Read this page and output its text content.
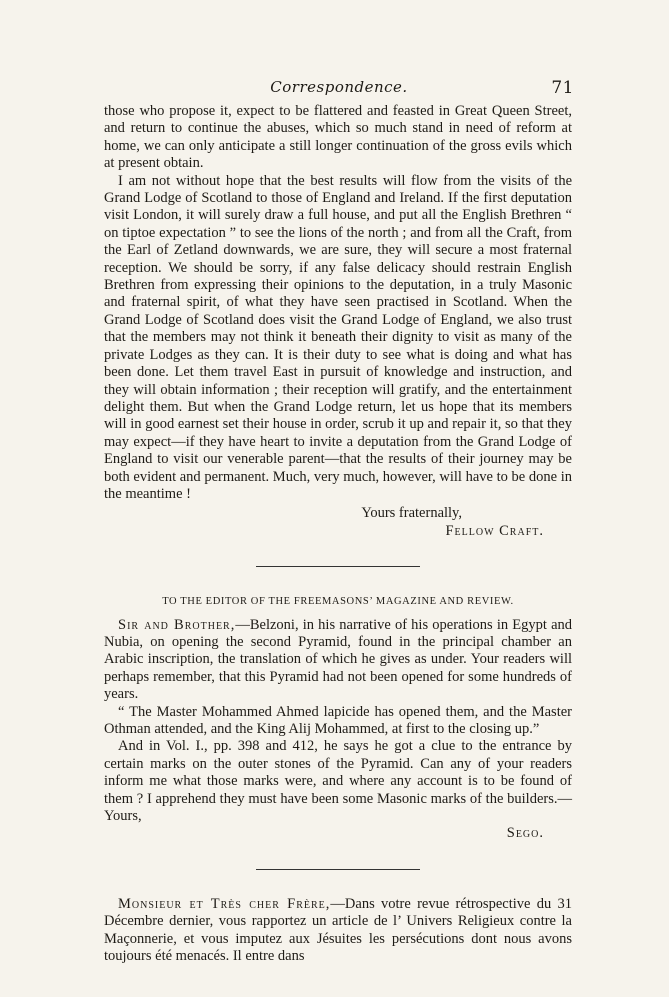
Correspondence.	71

those who propose it, expect to be flattered and feasted in Great Queen Street, and return to continue the abuses, which so much stand in need of reform at home, we can only anticipate a still longer continuation of the gross evils which at present obtain.

I am not without hope that the best results will flow from the visits of the Grand Lodge of Scotland to those of England and Ireland. If the first deputation visit London, it will surely draw a full house, and put all the English Brethren “ on tiptoe expectation ” to see the lions of the north ; and from all the Craft, from the Earl of Zetland downwards, we are sure, they will secure a most fraternal reception. We should be sorry, if any false delicacy should restrain English Brethren from expressing their opinions to the deputation, in a truly Masonic and fraternal spirit, of what they have seen practised in Scotland. When the Grand Lodge of Scotland does visit the Grand Lodge of England, we also trust that the members may not think it beneath their dignity to visit as many of the private Lodges as they can. It is their duty to see what is doing and what has been done. Let them travel East in pursuit of knowledge and instruction, and they will obtain information ; their reception will gratify, and the entertainment delight them. But when the Grand Lodge return, let us hope that its members will in good earnest set their house in order, scrub it up and repair it, so that they may expect—if they have heart to invite a deputation from the Grand Lodge of England to visit our venerable parent—that the results of their journey may be both evident and permanent. Much, very much, however, will have to be done in the meantime !

Yours fraternally,

Fellow Craft.

TO THE EDITOR OF THE FREEMASONS’ MAGAZINE AND REVIEW.

Sir and Brother,—Belzoni, in his narrative of his operations in Egypt and Nubia, on opening the second Pyramid, found in the principal chamber an Arabic inscription, the translation of which he gives as under. Your readers will perhaps remember, that this Pyramid had not been opened for some hundreds of years.

“ The Master Mohammed Ahmed lapicide has opened them, and the Master Othman attended, and the King Alij Mohammed, at first to the closing up.”

And in Vol. I., pp. 398 and 412, he says he got a clue to the entrance by certain marks on the outer stones of the Pyramid. Can any of your readers inform me what those marks were, and where any account is to be found of them ? I apprehend they must have been some Masonic marks of the builders.—Yours,

Sego.

Monsieur et Très cher Frère,—Dans votre revue rétrospective du 31 Décembre dernier, vous rapportez un article de l’ Univers Religieux contre la Maçonnerie, et vous imputez aux Jésuites les persécutions dont nous avons toujours été menacés. Il entre dans
